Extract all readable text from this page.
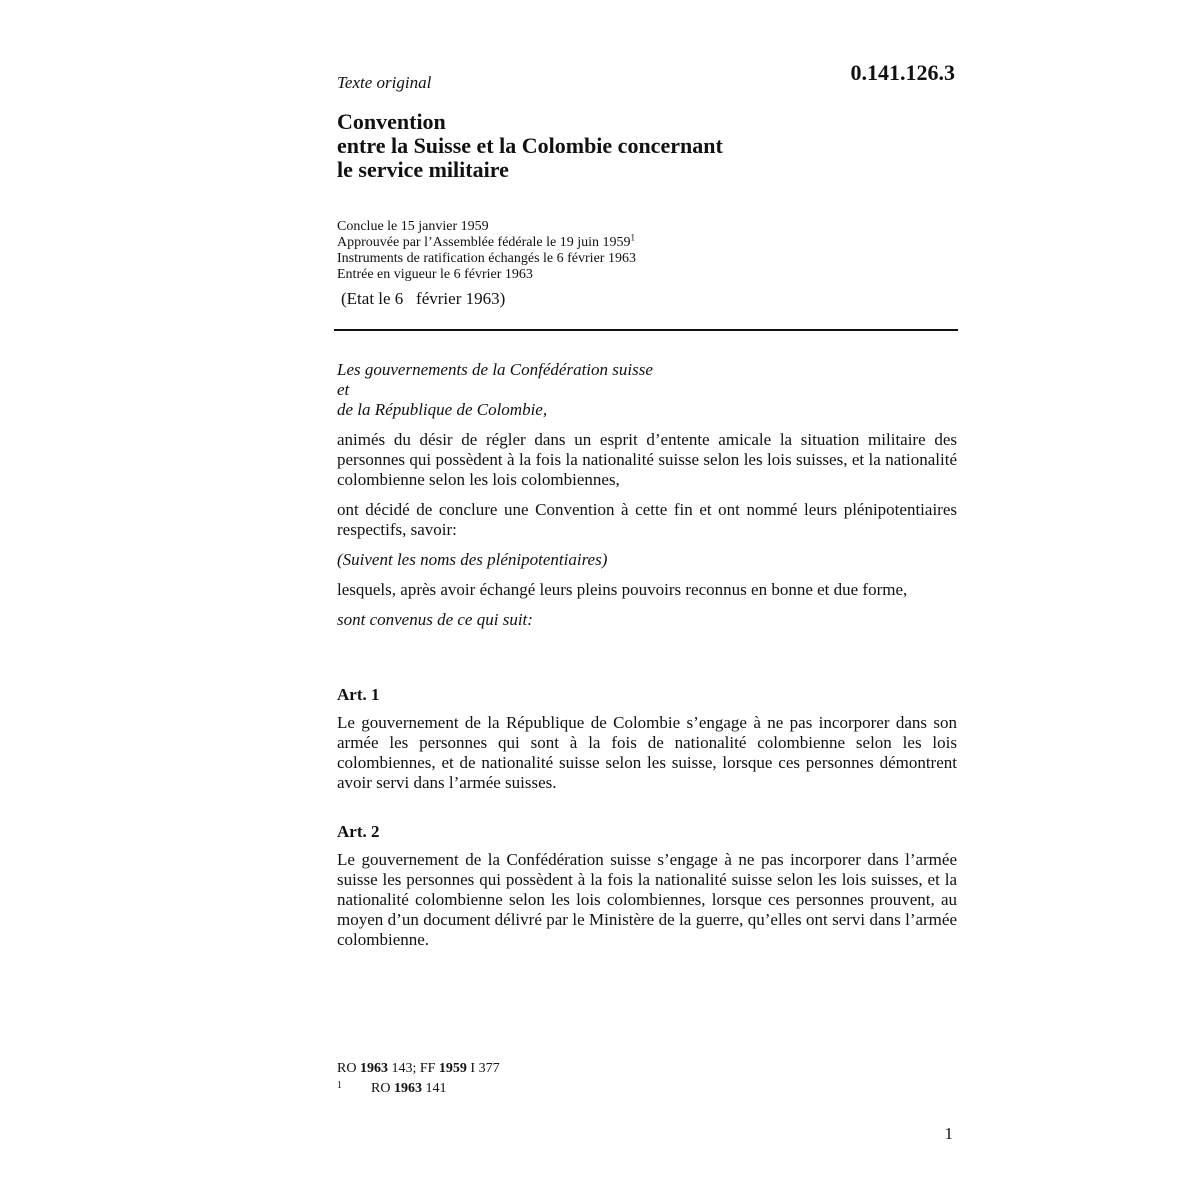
Texte original	0.141.126.3

Convention
entre la Suisse et la Colombie concernant
le service militaire
Conclue le 15 janvier 1959
Approuvée par l’Assemblée fédérale le 19 juin 1959$^1$
Instruments de ratification échangés le 6 février 1963
Entrée en vigueur le 6 février 1963

(Etat le 6   février 1963)

Les gouvernements de la Confédération suisse
et
de la République de Colombie,

animés du désir de régler dans un esprit d’entente amicale la situation militaire des personnes qui possèdent à la fois la nationalité suisse selon les lois suisses, et la nationalité colombienne selon les lois colombiennes,

ont décidé de conclure une Convention à cette fin et ont nommé leurs plénipotentiaires respectifs, savoir:

(Suivent les noms des plénipotentiaires)

lesquels, après avoir échangé leurs pleins pouvoirs reconnus en bonne et due forme,

sont convenus de ce qui suit:

Art. 1

Le gouvernement de la République de Colombie s’engage à ne pas incorporer dans son armée les personnes qui sont à la fois de nationalité colombienne selon les lois colombiennes, et de nationalité suisse selon les suisse, lorsque ces personnes démontrent avoir servi dans l’armée suisses.

Art. 2

Le gouvernement de la Confédération suisse s’engage à ne pas incorporer dans l’armée suisse les personnes qui possèdent à la fois la nationalité suisse selon les lois suisses, et la nationalité colombienne selon les lois colombiennes, lorsque ces personnes prouvent, au moyen d’un document délivré par le Ministère de la guerre, qu’elles ont servi dans l’armée colombienne.

RO 1963 143; FF 1959 I 377
1 RO 1963 141

1
